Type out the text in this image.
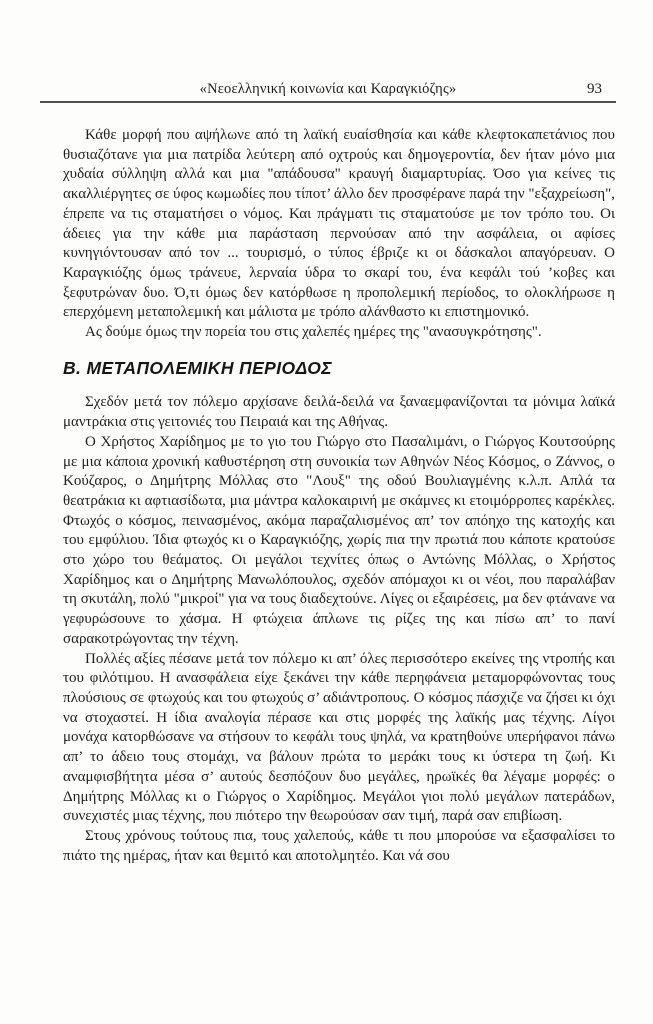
«Νεοελληνική κοινωνία και Καραγκιόζης»	93

Κάθε μορφή που αψήλωνε από τη λαϊκή ευαίσθησία και κάθε κλεφτοκαπετάνιος που θυσιαζότανε για μια πατρίδα λεύτερη από οχτρούς και δημογεροντία, δεν ήταν μόνο μια χυδαία σύλληψη αλλά και μια "απάδουσα" κραυγή διαμαρτυρίας. Όσο για κείνες τις ακαλλιέργητες σε ύφος κωμωδίες που τίποτ’ άλλο δεν προσφέρανε παρά την "εξαχρείωση", έπρεπε να τις σταματήσει ο νόμος. Και πράγματι τις σταματούσε με τον τρόπο του. Οι άδειες για την κάθε μια παράσταση περνούσαν από την ασφάλεια, οι αφίσες κυνηγιόντουσαν από τον ... τουρισμό, ο τύπος έβριζε κι οι δάσκαλοι απαγόρευαν. Ο Καραγκιόζης όμως τράνευε, λερναία ύδρα το σκαρί του, ένα κεφάλι τού ’κοβες και ξεφυτρώναν δυο. Ό,τι όμως δεν κατόρθωσε η προπολεμική περίοδος, το ολοκλήρωσε η επερχόμενη μεταπολεμική και μάλιστα με τρόπο αλάνθαστο κι επιστημονικό.

Ας δούμε όμως την πορεία του στις χαλεπές ημέρες της "ανασυγκρότησης".

Β. ΜΕΤΑΠΟΛΕΜΙΚΗ ΠΕΡΙΟΔΟΣ

Σχεδόν μετά τον πόλεμο αρχίσανε δειλά-δειλά να ξαναεμφανίζονται τα μόνιμα λαϊκά μαντράκια στις γειτονιές του Πειραιά και της Αθήνας.

Ο Χρήστος Χαρίδημος με το γιο του Γιώργο στο Πασαλιμάνι, ο Γιώργος Κουτσούρης με μια κάποια χρονική καθυστέρηση στη συνοικία των Αθηνών Νέος Κόσμος, ο Ζάννος, ο Κούζαρος, ο Δημήτρης Μόλλας στο "Λουξ" της οδού Βουλιαγμένης κ.λ.π. Απλά τα θεατράκια κι αφτιασίδωτα, μια μάντρα καλοκαιρινή με σκάμνες κι ετοιμόρροπες καρέκλες. Φτωχός ο κόσμος, πεινασμένος, ακόμα παραζαλισμένος απ’ τον απόηχο της κατοχής και του εμφύλιου. Ίδια φτωχός κι ο Καραγκιόζης, χωρίς πια την πρωτιά που κάποτε κρατούσε στο χώρο του θεάματος. Οι μεγάλοι τεχνίτες όπως ο Αντώνης Μόλλας, ο Χρήστος Χαρίδημος και ο Δημήτρης Μανωλόπουλος, σχεδόν απόμαχοι κι οι νέοι, που παραλάβαν τη σκυτάλη, πολύ "μικροί" για να τους διαδεχτούνε. Λίγες οι εξαιρέσεις, μα δεν φτάνανε να γεφυρώσουνε το χάσμα. Η φτώχεια άπλωνε τις ρίζες της και πίσω απ’ το πανί σαρακοτρώγοντας την τέχνη.

Πολλές αξίες πέσανε μετά τον πόλεμο κι απ’ όλες περισσότερο εκείνες της ντροπής και του φιλότιμου. Η ανασφάλεια είχε ξεκάνει την κάθε περηφάνεια μεταμορφώνοντας τους πλούσιους σε φτωχούς και του φτωχούς σ’ αδιάντροπους. Ο κόσμος πάσχιζε να ζήσει κι όχι να στοχαστεί. Η ίδια αναλογία πέρασε και στις μορφές της λαϊκής μας τέχνης. Λίγοι μονάχα κατορθώσανε να στήσουν το κεφάλι τους ψηλά, να κρατηθούνε υπερήφανοι πάνω απ’ το άδειο τους στομάχι, να βάλουν πρώτα το μεράκι τους κι ύστερα τη ζωή. Κι αναμφισβήτητα μέσα σ’ αυτούς δεσπόζουν δυο μεγάλες, ηρωϊκές θα λέγαμε μορφές: ο Δημήτρης Μόλλας κι ο Γιώργος ο Χαρίδημος. Μεγάλοι γιοι πολύ μεγάλων πατεράδων, συνεχιστές μιας τέχνης, που πιότερο την θεωρούσαν σαν τιμή, παρά σαν επιβίωση.

Στους χρόνους τούτους πια, τους χαλεπούς, κάθε τι που μπορούσε να εξασφαλίσει το πιάτο της ημέρας, ήταν και θεμιτό και αποτολμητέο. Και νά σου
